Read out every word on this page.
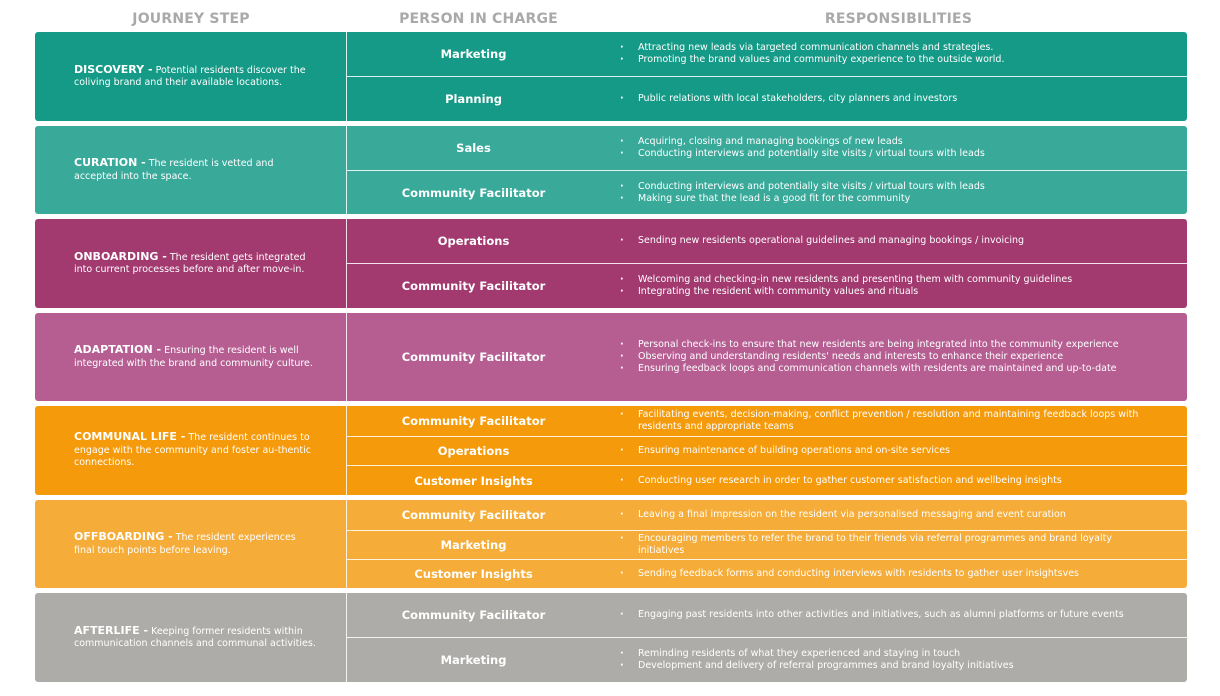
JOURNEY STEP	PERSON IN CHARGE	RESPONSIBILITIES
DISCOVERY - Potential residents discover the coliving brand and their available locations.
Marketing	· Attracting new leads via targeted communication channels and strategies.
· Promoting the brand values and community experience to the outside world.
Planning	· Public relations with local stakeholders, city planners and investors
CURATION - The resident is vetted and accepted into the space.
Sales	· Acquiring, closing and managing bookings of new leads
· Conducting interviews and potentially site visits / virtual tours with leads
Community Facilitator	· Conducting interviews and potentially site visits / virtual tours with leads
· Making sure that the lead is a good fit for the community
ONBOARDING - The resident gets integrated into current processes before and after move-in.
Operations	· Sending new residents operational guidelines and managing bookings / invoicing
Community Facilitator	· Welcoming and checking-in new residents and presenting them with community guidelines
· Integrating the resident with community values and rituals
ADAPTATION - Ensuring the resident is well integrated with the brand and community culture.	Community Facilitator
· Personal check-ins to ensure that new residents are being integrated into the community experience
· Observing and understanding residents' needs and interests to enhance their experience
· Ensuring feedback loops and communication channels with residents are maintained and up-to-date
COMMUNAL LIFE - The resident continues to engage with the community and foster au-thentic connections.
Community Facilitator	· Facilitating events, decision-making, conflict prevention / resolution and maintaining feedback loops with residents and appropriate teams
Operations	· Ensuring maintenance of building operations and on-site services
Customer Insights	· Conducting user research in order to gather customer satisfaction and wellbeing insights
OFFBOARDING - The resident experiences final touch points before leaving.
Community Facilitator	· Leaving a final impression on the resident via personalised messaging and event curation
Marketing	· Encouraging members to refer the brand to their friends via referral programmes and brand loyalty initiatives
Customer Insights	· Sending feedback forms and conducting interviews with residents to gather user insightsves
AFTERLIFE - Keeping former residents within communication channels and communal activities.
Community Facilitator	· Engaging past residents into other activities and initiatives, such as alumni platforms or future events
Marketing	· Reminding residents of what they experienced and staying in touch
· Development and delivery of referral programmes and brand loyalty initiatives
